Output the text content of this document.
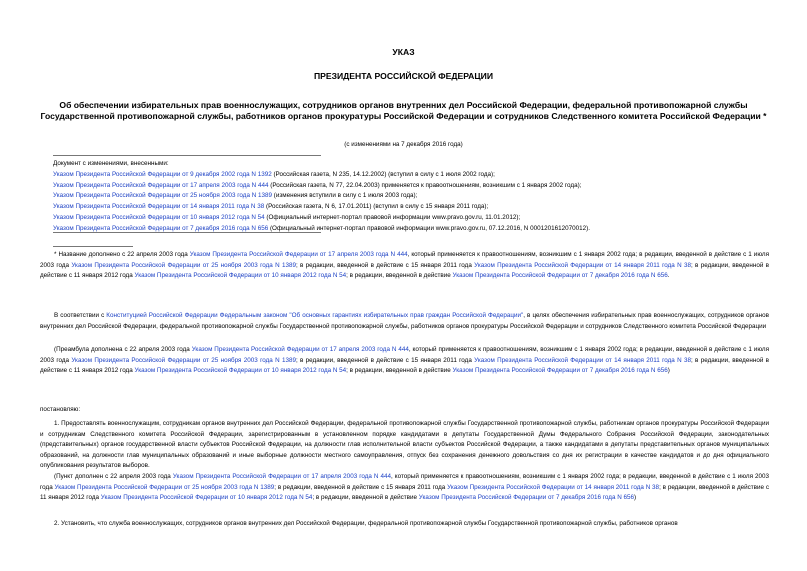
УКАЗ
ПРЕЗИДЕНТА РОССИЙСКОЙ ФЕДЕРАЦИИ
Об обеспечении избирательных прав военнослужащих, сотрудников органов внутренних дел Российской Федерации, федеральной противопожарной службы Государственной противопожарной службы, работников органов прокуратуры Российской Федерации и сотрудников Следственного комитета Российской Федерации *
(с изменениями на 7 декабря 2016 года)
Документ с изменениями, внесенными:
Указом Президента Российской Федерации от 9 декабря 2002 года N 1392 (Российская газета, N 235, 14.12.2002) (вступил в силу с 1 июля 2002 года);
Указом Президента Российской Федерации от 17 апреля 2003 года N 444 (Российская газета, N 77, 22.04.2003) применяется к правоотношениям, возникшим с 1 января 2002 года);
Указом Президента Российской Федерации от 25 ноября 2003 года N 1389 (изменения вступили в силу с 1 июля 2003 года);
Указом Президента Российской Федерации от 14 января 2011 года N 38 (Российская газета, N 6, 17.01.2011) (вступил в силу с 15 января 2011 года);
Указом Президента Российской Федерации от 10 января 2012 года N 54 (Официальный интернет-портал правовой информации www.pravo.gov.ru, 11.01.2012);
Указом Президента Российской Федерации от 7 декабря 2016 года N 656 (Официальный интернет-портал правовой информации www.pravo.gov.ru, 07.12.2016, N 0001201612070012).
* Название дополнено с 22 апреля 2003 года Указом Президента Российской Федерации от 17 апреля 2003 года N 444, который применяется к правоотношениям, возникшим с 1 января 2002 года; в редакции, введенной в действие с 1 июля 2003 года Указом Президента Российской Федерации от 25 ноября 2003 года N 1389; в редакции, введенной в действие с 15 января 2011 года Указом Президента Российской Федерации от 14 января 2011 года N 38; в редакции, введенной в действие с 11 января 2012 года Указом Президента Российской Федерации от 10 января 2012 года N 54; в редакции, введенной в действие Указом Президента Российской Федерации от 7 декабря 2016 года N 656.
В соответствии с Конституцией Российской Федерации Федеральным законом "Об основных гарантиях избирательных прав граждан Российской Федерации", в целях обеспечения избирательных прав военнослужащих, сотрудников органов внутренних дел Российской Федерации, федеральной противопожарной службы Государственной противопожарной службы, работников органов прокуратуры Российской Федерации и сотрудников Следственного комитета Российской Федерации
(Преамбула дополнена с 22 апреля 2003 года Указом Президента Российской Федерации от 17 апреля 2003 года N 444, который применяется к правоотношениям, возникшим с 1 января 2002 года; в редакции, введенной в действие с 1 июля 2003 года Указом Президента Российской Федерации от 25 ноября 2003 года N 1389; в редакции, введенной в действие с 15 января 2011 года Указом Президента Российской Федерации от 14 января 2011 года N 38; в редакции, введенной в действие с 11 января 2012 года Указом Президента Российской Федерации от 10 января 2012 года N 54; в редакции, введенной в действие Указом Президента Российской Федерации от 7 декабря 2016 года N 656)
постановляю:
1. Предоставлять военнослужащим, сотрудникам органов внутренних дел Российской Федерации, федеральной противопожарной службы Государственной противопожарной службы, работникам органов прокуратуры Российской Федерации и сотрудникам Следственного комитета Российской Федерации, зарегистрированным в установленном порядке кандидатами в депутаты Государственной Думы Федерального Собрания Российской Федерации, законодательных (представительных) органов государственной власти субъектов Российской Федерации, на должности глав исполнительной власти субъектов Российской Федерации, а также кандидатами в депутаты представительных органов муниципальных образований, на должности глав муниципальных образований и иные выборные должности местного самоуправления, отпуск без сохранения денежного довольствия со дня их регистрации в качестве кандидатов и до дня официального опубликования результатов выборов.
(Пункт дополнен с 22 апреля 2003 года Указом Президента Российской Федерации от 17 апреля 2003 года N 444, который применяется к правоотношениям, возникшим с 1 января 2002 года; в редакции, введенной в действие с 1 июля 2003 года Указом Президента Российской Федерации от 25 ноября 2003 года N 1389; в редакции, введенной в действие с 15 января 2011 года Указом Президента Российской Федерации от 14 января 2011 года N 38; в редакции, введенной в действие с 11 января 2012 года Указом Президента Российской Федерации от 10 января 2012 года N 54; в редакции, введенной в действие Указом Президента Российской Федерации от 7 декабря 2016 года N 656)
2. Установить, что служба военнослужащих, сотрудников органов внутренних дел Российской Федерации, федеральной противопожарной службы Государственной противопожарной службы, работников органов
